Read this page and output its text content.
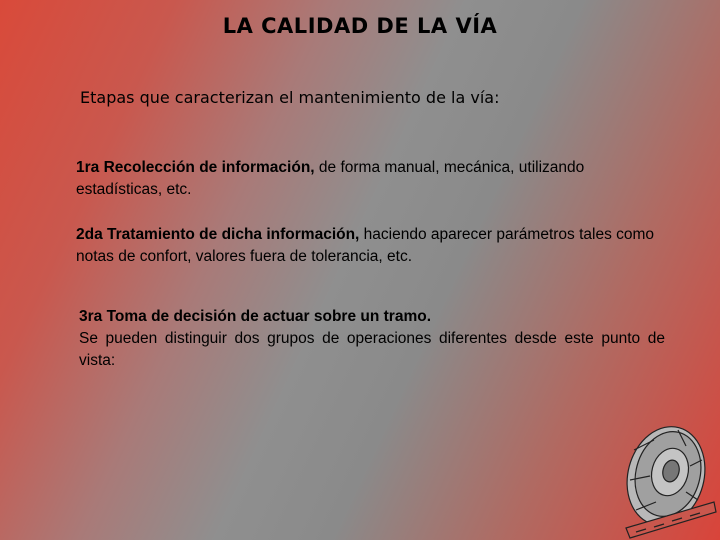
LA CALIDAD DE LA VÍA

Etapas que caracterizan el mantenimiento de la vía:

1ra Recolección de información, de forma manual, mecánica, utilizando estadísticas, etc.

2da Tratamiento de dicha información, haciendo aparecer parámetros tales como notas de confort, valores fuera de tolerancia, etc.

3ra Toma de decisión de actuar sobre un tramo.
Se pueden distinguir dos grupos de operaciones diferentes desde este punto de vista:
